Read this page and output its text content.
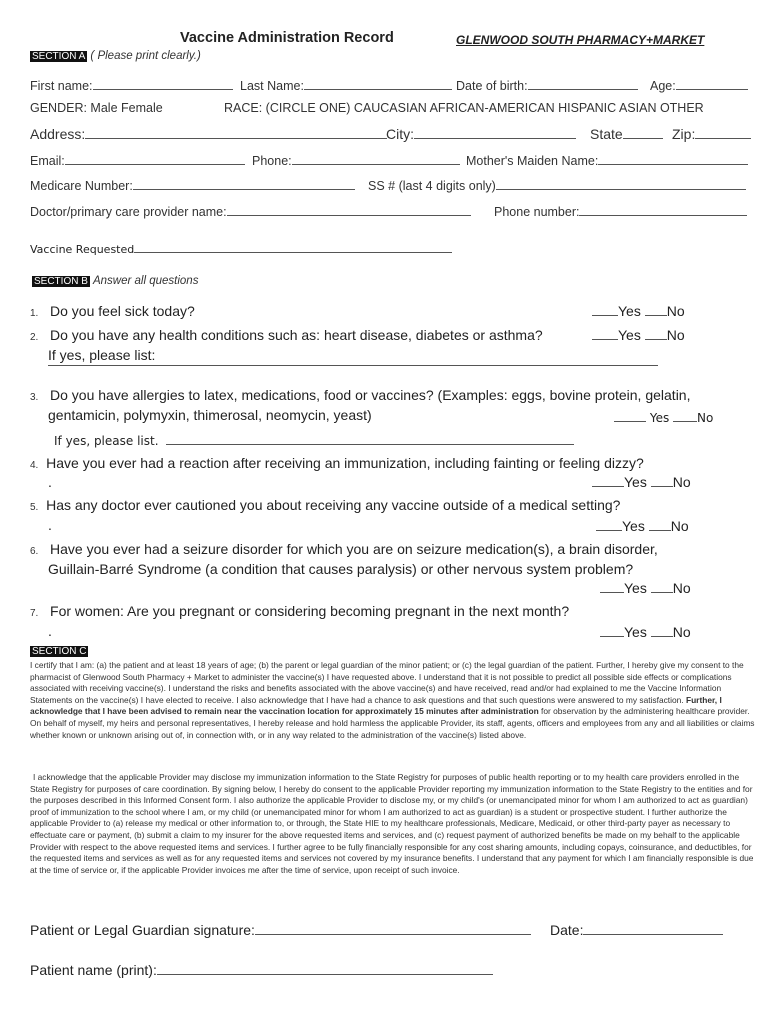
Vaccine Administration Record	GLENWOOD SOUTH PHARMACY+MARKET
SECTION A ( Please print clearly.)
First name:	Last Name:	Date of birth:	Age:
GENDER: Male Female	RACE: (CIRCLE ONE) CAUCASIAN AFRICAN-AMERICAN HISPANIC ASIAN OTHER
Address:	City:	State	Zip:
Email:	Phone:	Mother's Maiden Name:
Medicare Number:	SS # (last 4 digits only)
Doctor/primary care provider name:	Phone number:
Vaccine Requested
SECTION B Answer all questions
1. Do you feel sick today?	Yes No
2. Do you have any health conditions such as: heart disease, diabetes or asthma?	Yes No
If yes, please list:
3. Do you have allergies to latex, medications, food or vaccines? (Examples: eggs, bovine protein, gelatin,
gentamicin, polymyxin, thimerosal, neomycin, yeast)	Yes No
If yes, please list.
4. Have you ever had a reaction after receiving an immunization, including fainting or feeling dizzy?
.	Yes No
5. Has any doctor ever cautioned you about receiving any vaccine outside of a medical setting?
.	Yes No
6. Have you ever had a seizure disorder for which you are on seizure medication(s), a brain disorder,
Guillain-Barré Syndrome (a condition that causes paralysis) or other nervous system problem?
Yes No
7. For women: Are you pregnant or considering becoming pregnant in the next month?
.	Yes No
SECTION C
I certify that I am: (a) the patient and at least 18 years of age; (b) the parent or legal guardian of the minor patient; or (c) the legal guardian of the patient. Further, I hereby give my consent to the pharmacist of Glenwood South Pharmacy + Market to administer the vaccine(s) I have requested above. I understand that it is not possible to predict all possible side effects or complications associated with receiving vaccine(s). I understand the risks and benefits associated with the above vaccine(s) and have received, read and/or had explained to me the Vaccine Information Statements on the vaccine(s) I have elected to receive. I also acknowledge that I have had a chance to ask questions and that such questions were answered to my satisfaction. Further, I acknowledge that I have been advised to remain near the vaccination location for approximately 15 minutes after administration for observation by the administering healthcare provider. On behalf of myself, my heirs and personal representatives, I hereby release and hold harmless the applicable Provider, its staff, agents, officers and employees from any and all liabilities or claims whether known or unknown arising out of, in connection with, or in any way related to the administration of the vaccine(s) listed above.
I acknowledge that the applicable Provider may disclose my immunization information to the State Registry for purposes of public health reporting or to my health care providers enrolled in the State Registry for purposes of care coordination. By signing below, I hereby do consent to the applicable Provider reporting my immunization information to the State Registry to the entities and for the purposes described in this Informed Consent form. I also authorize the applicable Provider to disclose my, or my child's (or unemancipated minor for whom I am authorized to act as guardian) proof of immunization to the school where I am, or my child (or unemancipated minor for whom I am authorized to act as guardian) is a student or prospective student. I further authorize the applicable Provider to (a) release my medical or other information to, or through, the State HIE to my healthcare professionals, Medicare, Medicaid, or other third-party payer as necessary to effectuate care or payment, (b) submit a claim to my insurer for the above requested items and services, and (c) request payment of authorized benefits be made on my behalf to the applicable Provider with respect to the above requested items and services. I further agree to be fully financially responsible for any cost sharing amounts, including copays, coinsurance, and deductibles, for the requested items and services as well as for any requested items and services not covered by my insurance benefits. I understand that any payment for which I am financially responsible is due at the time of service or, if the applicable Provider invoices me after the time of service, upon receipt of such invoice.
Patient or Legal Guardian signature:	Date:
Patient name (print):
